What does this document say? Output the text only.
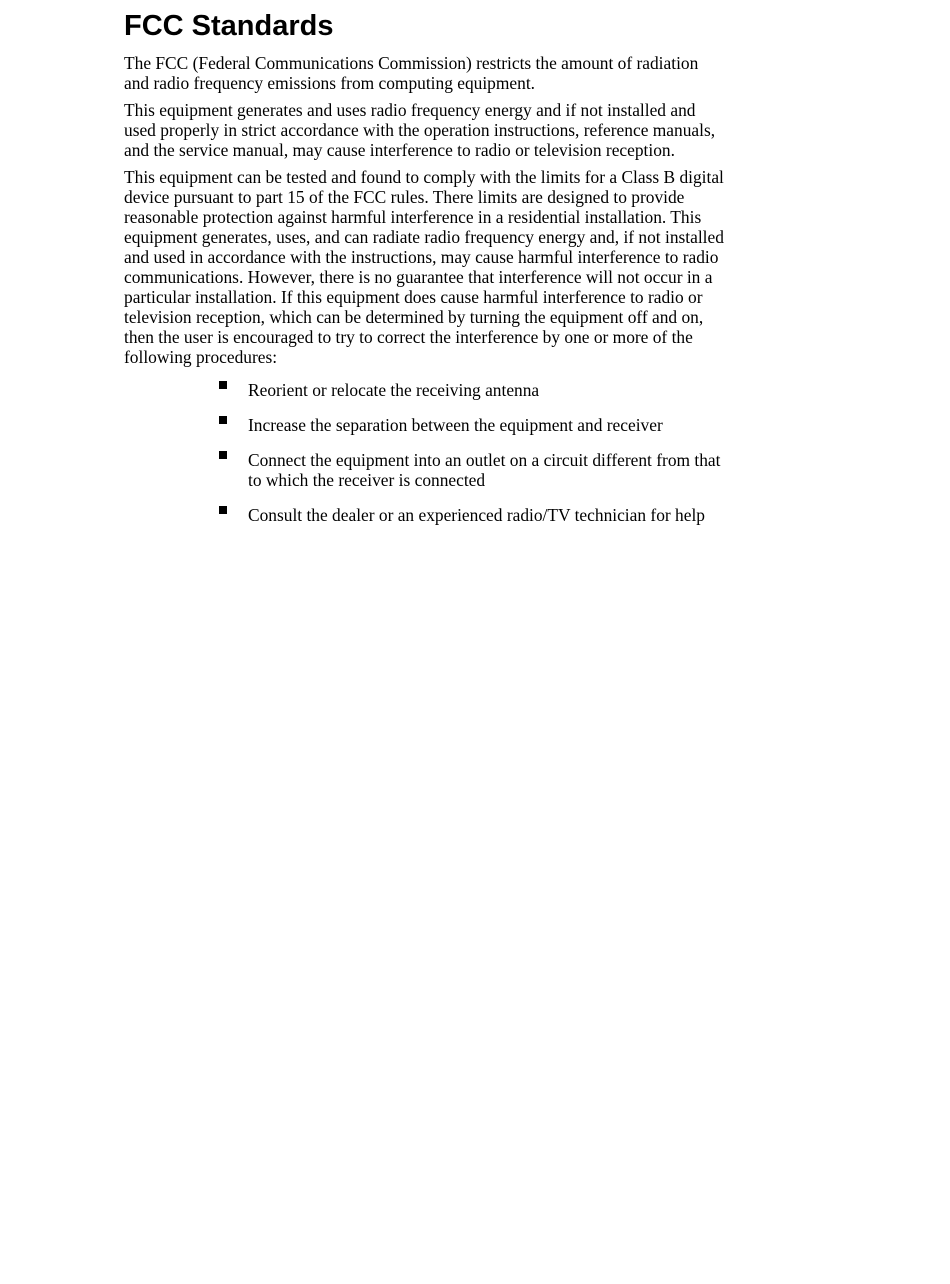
FCC Standards

The FCC (Federal Communications Commission) restricts the amount of radiation and radio frequency emissions from computing equipment.

This equipment generates and uses radio frequency energy and if not installed and used properly in strict accordance with the operation instructions, reference manuals, and the service manual, may cause interference to radio or television reception.

This equipment can be tested and found to comply with the limits for a Class B digital device pursuant to part 15 of the FCC rules. There limits are designed to provide reasonable protection against harmful interference in a residential installation. This equipment generates, uses, and can radiate radio frequency energy and, if not installed and used in accordance with the instructions, may cause harmful interference to radio communications. However, there is no guarantee that interference will not occur in a particular installation. If this equipment does cause harmful interference to radio or television reception, which can be determined by turning the equipment off and on, then the user is encouraged to try to correct the interference by one or more of the following procedures:

Reorient or relocate the receiving antenna
Increase the separation between the equipment and receiver
Connect the equipment into an outlet on a circuit different from that to which the receiver is connected
Consult the dealer or an experienced radio/TV technician for help
